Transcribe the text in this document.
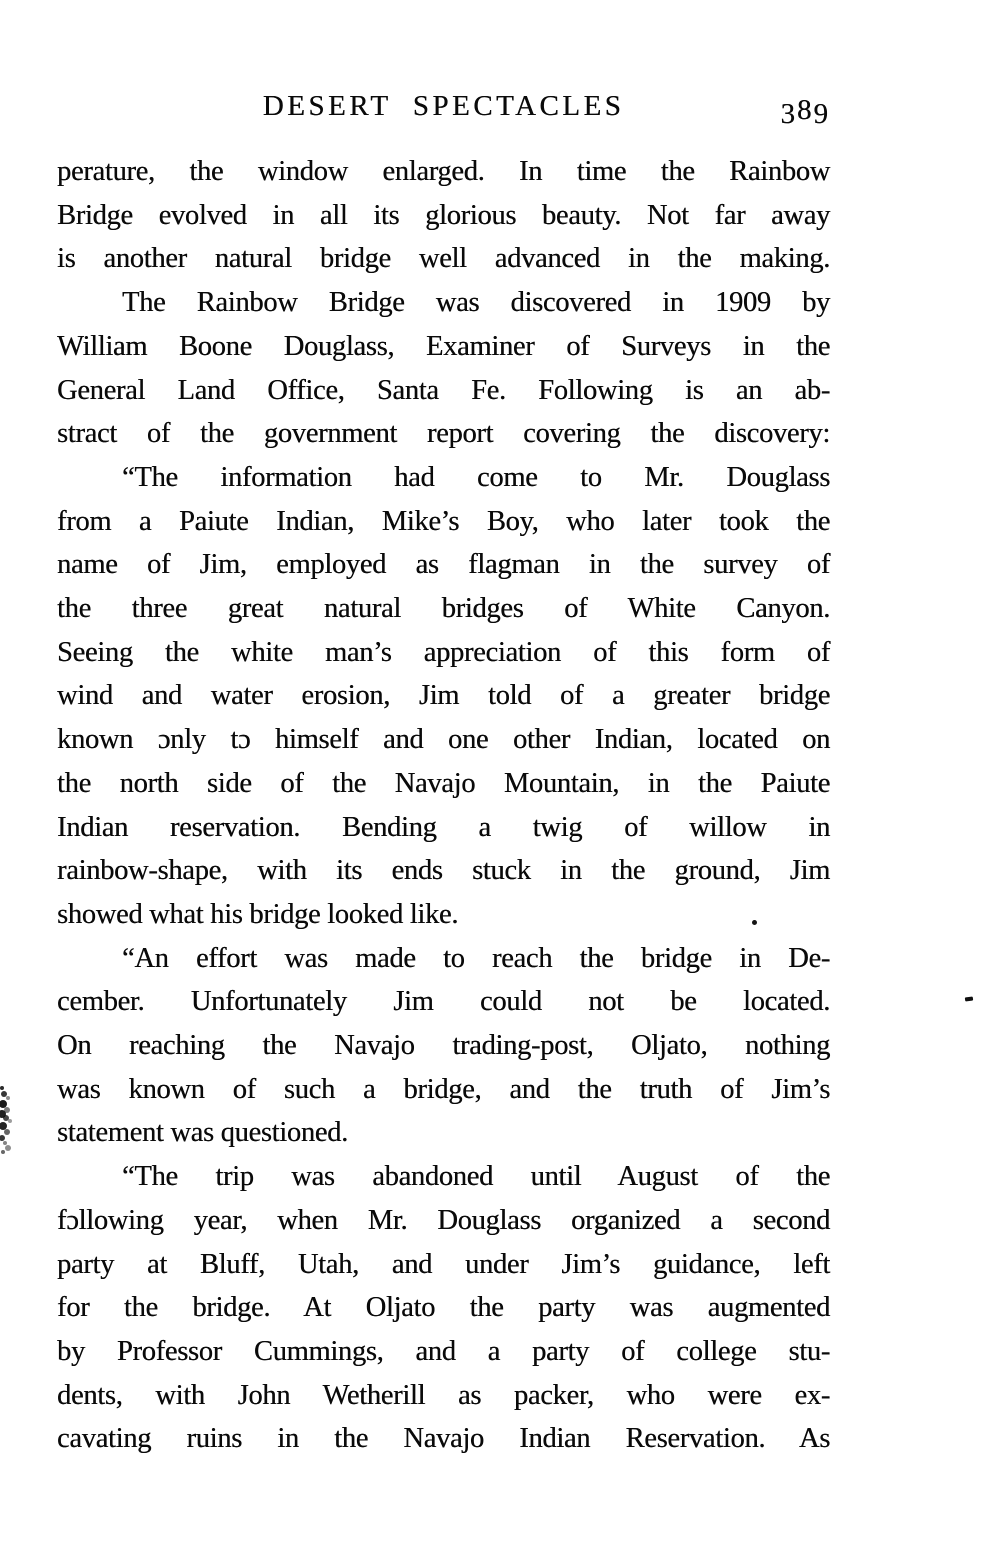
DESERT SPECTACLES	389
perature, the window enlarged. In time the Rainbow
Bridge evolved in all its glorious beauty. Not far away
is another natural bridge well advanced in the making.
The Rainbow Bridge was discovered in 1909 by
William Boone Douglass, Examiner of Surveys in the
General Land Office, Santa Fe. Following is an ab-
stract of the government report covering the discovery:
“The information had come to Mr. Douglass
from a Paiute Indian, Mike’s Boy, who later took the
name of Jim, employed as flagman in the survey of
the three great natural bridges of White Canyon.
Seeing the white man’s appreciation of this form of
wind and water erosion, Jim told of a greater bridge
known ɔnly tɔ himself and one other Indian, located on
the north side of the Navajo Mountain, in the Paiute
Indian reservation. Bending a twig of willow in
rainbow-shape, with its ends stuck in the ground, Jim
showed what his bridge looked like.
“An effort was made to reach the bridge in De-
cember. Unfortunately Jim could not be located.
On reaching the Navajo trading-post, Oljato, nothing
was known of such a bridge, and the truth of Jim’s
statement was questioned.
“The trip was abandoned until August of the
fɔllowing year, when Mr. Douglass organized a second
party at Bluff, Utah, and under Jim’s guidance, left
for the bridge. At Oljato the party was augmented
by Professor Cummings, and a party of college stu-
dents, with John Wetherill as packer, who were ex-
cavating ruins in the Navajo Indian Reservation. As
